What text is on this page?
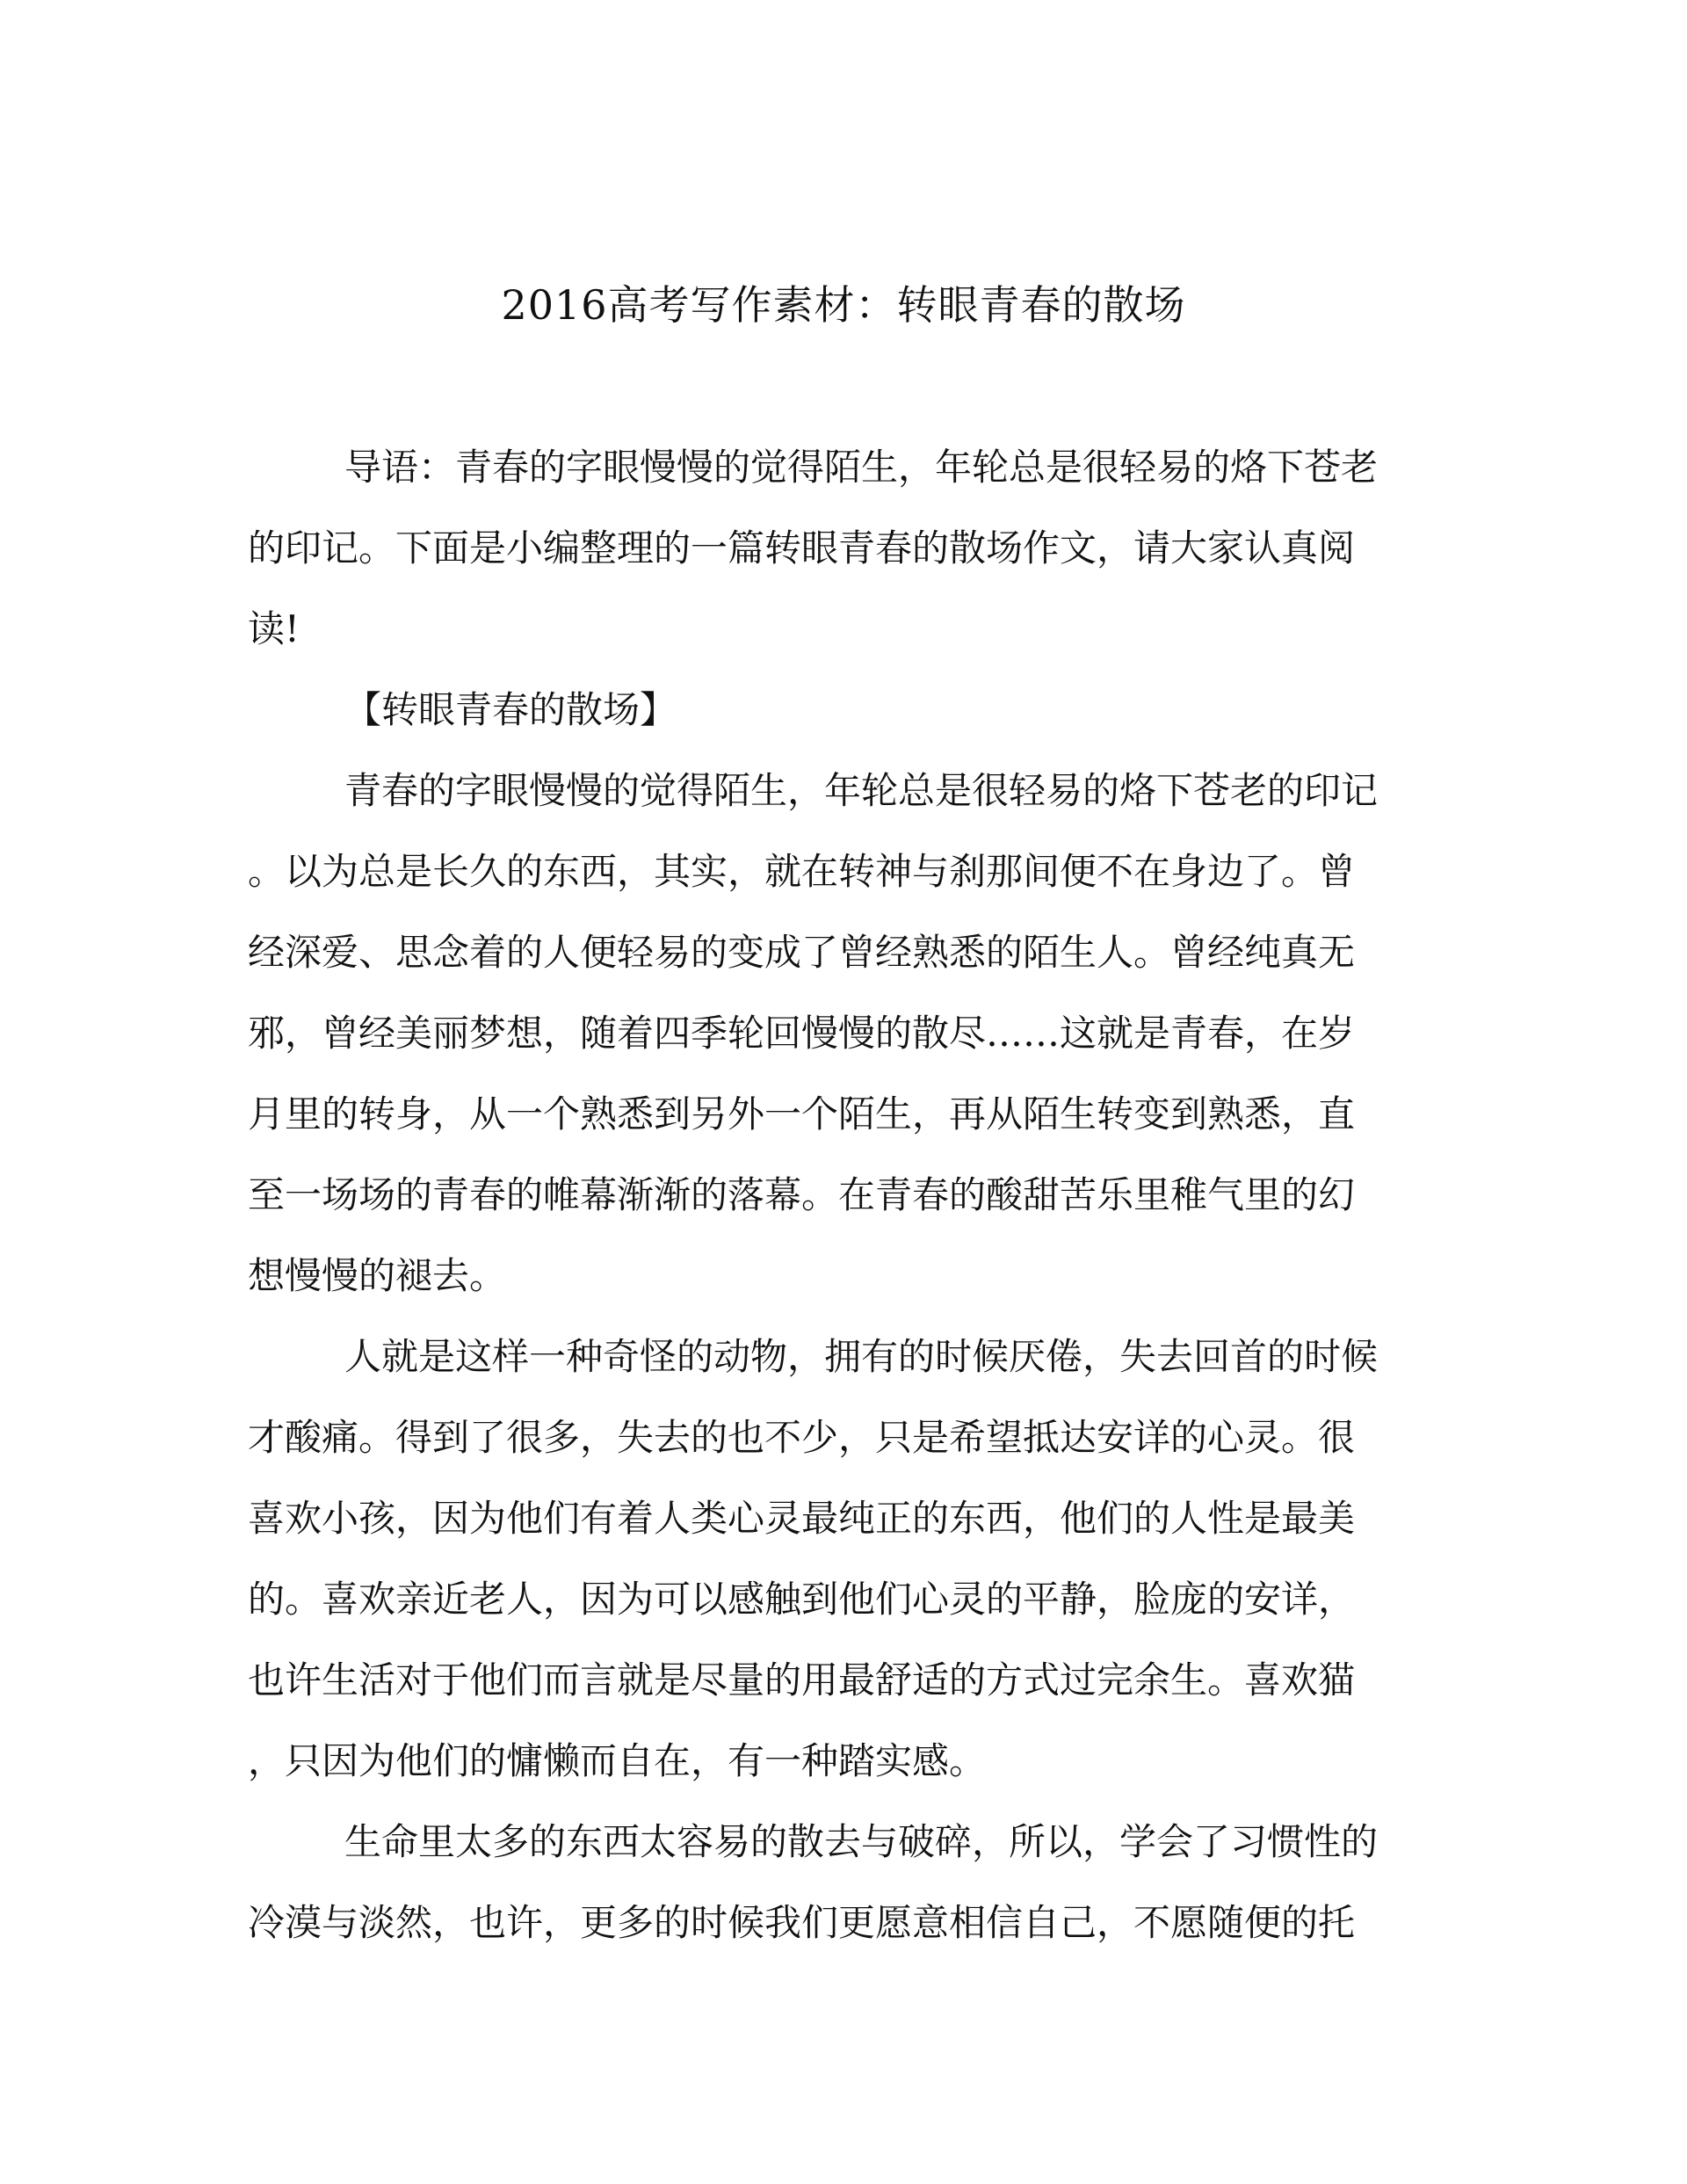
2016高考写作素材：转眼青春的散场
导语：青春的字眼慢慢的觉得陌生，年轮总是很轻易的烙下苍老
的印记。下面是小编整理的一篇转眼青春的散场作文，请大家认真阅
读!
【转眼青春的散场】
青春的字眼慢慢的觉得陌生，年轮总是很轻易的烙下苍老的印记
。以为总是长久的东西，其实，就在转神与刹那间便不在身边了。曾
经深爱、思念着的人便轻易的变成了曾经熟悉的陌生人。曾经纯真无
邪，曾经美丽梦想，随着四季轮回慢慢的散尽……这就是青春，在岁
月里的转身，从一个熟悉到另外一个陌生，再从陌生转变到熟悉，直
至一场场的青春的帷幕渐渐的落幕。在青春的酸甜苦乐里稚气里的幻
想慢慢的褪去。
人就是这样一种奇怪的动物，拥有的时候厌倦，失去回首的时候
才酸痛。得到了很多，失去的也不少，只是希望抵达安详的心灵。很
喜欢小孩，因为他们有着人类心灵最纯正的东西，他们的人性是最美
的。喜欢亲近老人，因为可以感触到他们心灵的平静，脸庞的安详，
也许生活对于他们而言就是尽量的用最舒适的方式过完余生。喜欢猫
，只因为他们的慵懒而自在，有一种踏实感。
生命里太多的东西太容易的散去与破碎，所以，学会了习惯性的
冷漠与淡然，也许，更多的时候我们更愿意相信自己，不愿随便的托
